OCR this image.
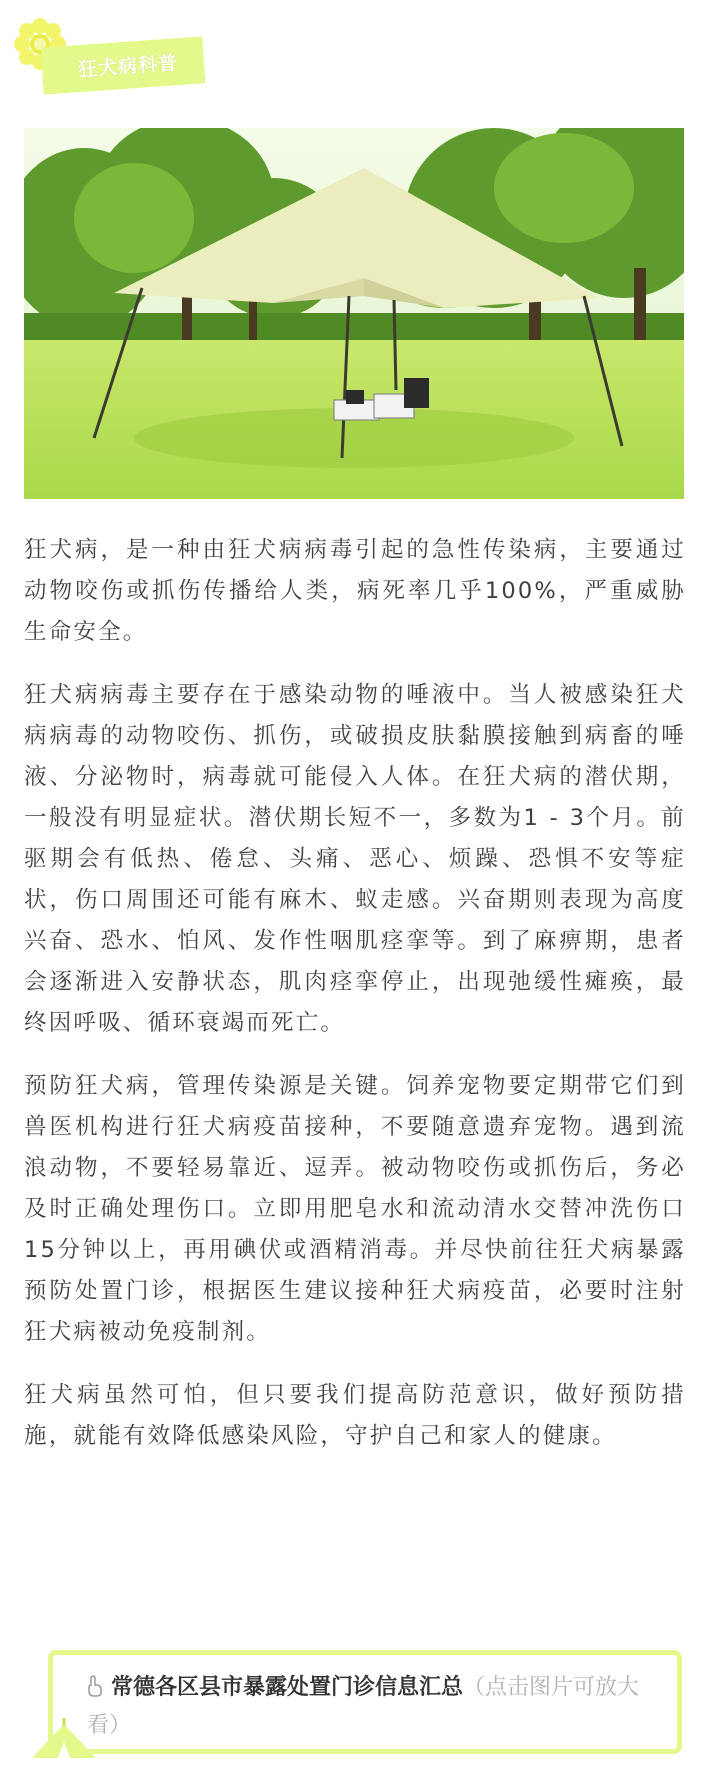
狂犬病科普

狂犬病，是一种由狂犬病病毒引起的急性传染病，主要通过动物咬伤或抓伤传播给人类，病死率几乎100%，严重威胁生命安全。

狂犬病病毒主要存在于感染动物的唾液中。当人被感染狂犬病病毒的动物咬伤、抓伤，或破损皮肤黏膜接触到病畜的唾液、分泌物时，病毒就可能侵入人体。在狂犬病的潜伏期，一般没有明显症状。潜伏期长短不一，多数为1 - 3个月。前驱期会有低热、倦怠、头痛、恶心、烦躁、恐惧不安等症状，伤口周围还可能有麻木、蚁走感。兴奋期则表现为高度兴奋、恐水、怕风、发作性咽肌痉挛等。到了麻痹期，患者会逐渐进入安静状态，肌肉痉挛停止，出现弛缓性瘫痪，最终因呼吸、循环衰竭而死亡。

预防狂犬病，管理传染源是关键。饲养宠物要定期带它们到兽医机构进行狂犬病疫苗接种，不要随意遗弃宠物。遇到流浪动物，不要轻易靠近、逗弄。被动物咬伤或抓伤后，务必及时正确处理伤口。立即用肥皂水和流动清水交替冲洗伤口15分钟以上，再用碘伏或酒精消毒。并尽快前往狂犬病暴露预防处置门诊，根据医生建议接种狂犬病疫苗，必要时注射狂犬病被动免疫制剂。

狂犬病虽然可怕，但只要我们提高防范意识，做好预防措施，就能有效降低感染风险，守护自己和家人的健康。

常德各区县市暴露处置门诊信息汇总（点击图片可放大看）
